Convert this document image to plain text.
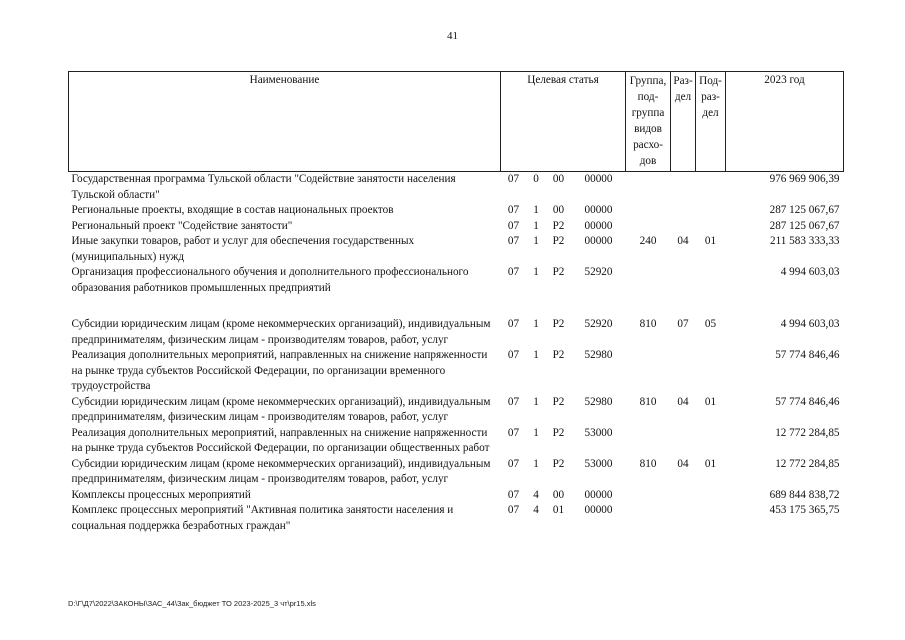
41
Наименование	Целевая статья				Группа, под-группа видов расхо-дов	Раз-дел	Под-раз-дел	2023 год
Государственная программа Тульской области "Содействие занятости населения Тульской области"	07	0	00	00000				976 969 906,39
Региональные проекты, входящие в состав национальных проектов	07	1	00	00000				287 125 067,67
Региональный проект "Содействие занятости"	07	1	P2	00000				287 125 067,67
Иные закупки товаров, работ и услуг для обеспечения государственных (муниципальных) нужд	07	1	P2	00000	240	04	01	211 583 333,33
Организация профессионального обучения и дополнительного профессионального образования работников промышленных предприятий	07	1	P2	52920				4 994 603,03
Субсидии юридическим лицам (кроме некоммерческих организаций), индивидуальным предпринимателям, физическим лицам - производителям товаров, работ, услуг	07	1	P2	52920	810	07	05	4 994 603,03
Реализация дополнительных мероприятий, направленных на снижение напряженности на рынке труда субъектов Российской Федерации, по организации временного трудоустройства	07	1	P2	52980				57 774 846,46
Субсидии юридическим лицам (кроме некоммерческих организаций), индивидуальным предпринимателям, физическим лицам - производителям товаров, работ, услуг	07	1	P2	52980	810	04	01	57 774 846,46
Реализация дополнительных мероприятий, направленных на снижение напряженности на рынке труда субъектов Российской Федерации, по организации общественных работ	07	1	P2	53000				12 772 284,85
Субсидии юридическим лицам (кроме некоммерческих организаций), индивидуальным предпринимателям, физическим лицам - производителям товаров, работ, услуг	07	1	P2	53000	810	04	01	12 772 284,85
Комплексы процессных мероприятий	07	4	00	00000				689 844 838,72
Комплекс процессных мероприятий "Активная политика занятости населения и социальная поддержка безработных граждан"	07	4	01	00000				453 175 365,75
D:\Г\Д7\2022\ЗАКОНЫ\ЗАС_44\Зак_бюджет ТО 2023-2025_3 чт\pr15.xls
